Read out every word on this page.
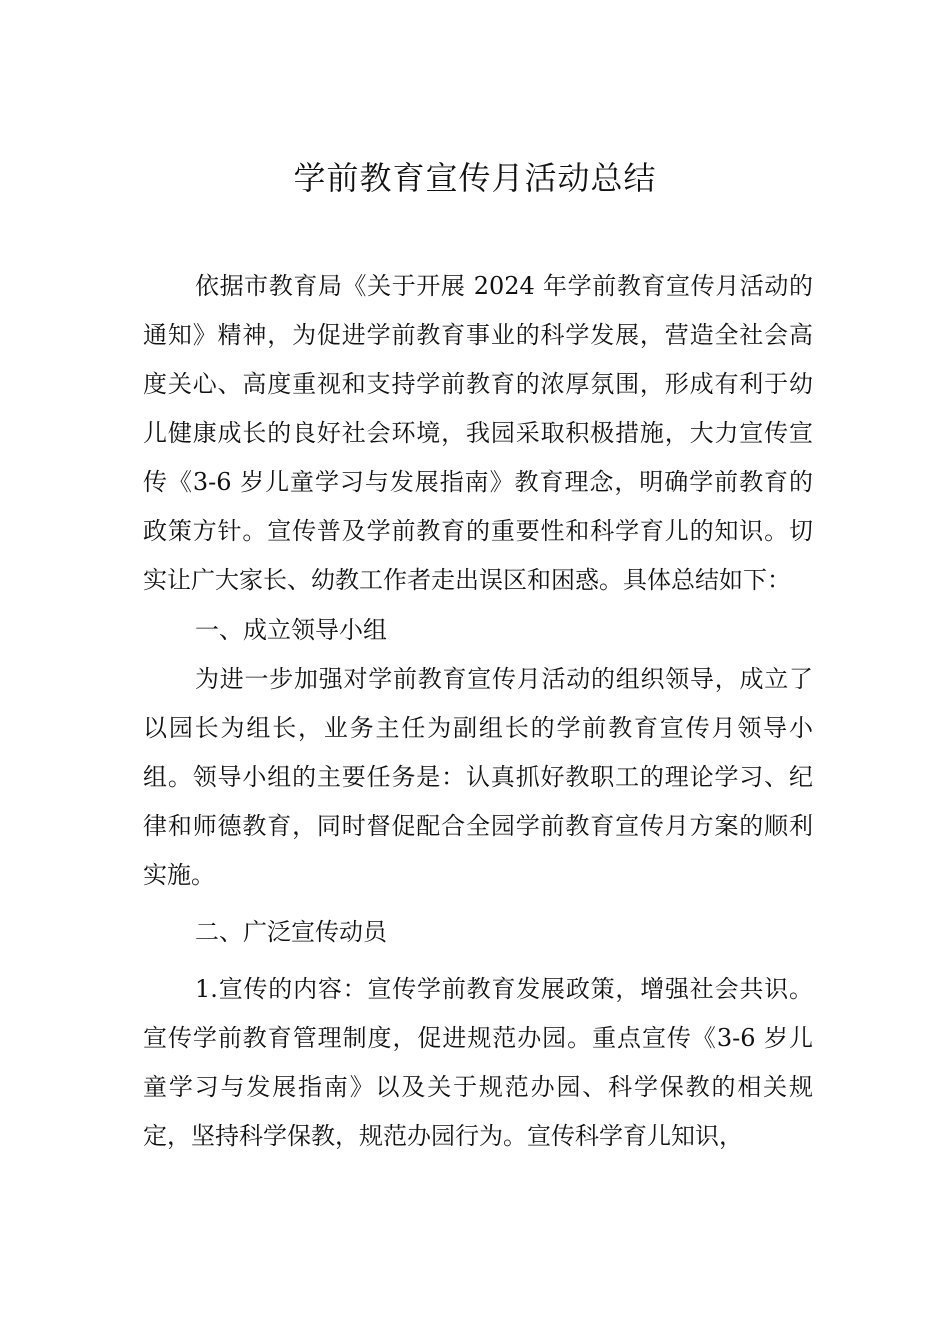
学前教育宣传月活动总结

依据市教育局《关于开展 2024 年学前教育宣传月活动的通知》精神，为促进学前教育事业的科学发展，营造全社会高度关心、高度重视和支持学前教育的浓厚氛围，形成有利于幼儿健康成长的良好社会环境，我园采取积极措施，大力宣传宣传《3-6 岁儿童学习与发展指南》教育理念，明确学前教育的政策方针。宣传普及学前教育的重要性和科学育儿的知识。切实让广大家长、幼教工作者走出误区和困惑。具体总结如下：

一、成立领导小组

为进一步加强对学前教育宣传月活动的组织领导，成立了以园长为组长，业务主任为副组长的学前教育宣传月领导小组。领导小组的主要任务是：认真抓好教职工的理论学习、纪律和师德教育，同时督促配合全园学前教育宣传月方案的顺利实施。

二、广泛宣传动员

1.宣传的内容：宣传学前教育发展政策，增强社会共识。宣传学前教育管理制度，促进规范办园。重点宣传《3-6 岁儿童学习与发展指南》以及关于规范办园、科学保教的相关规定，坚持科学保教，规范办园行为。宣传科学育儿知识，
